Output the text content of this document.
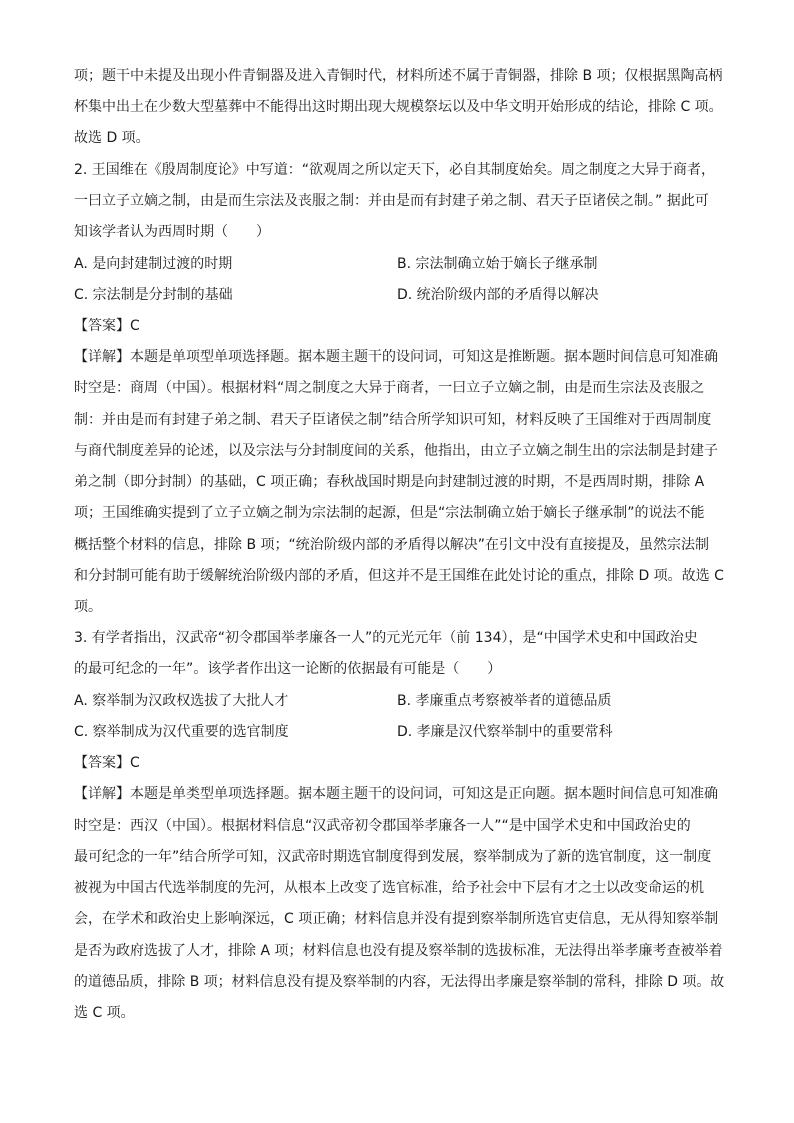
项；题干中未提及出现小件青铜器及进入青铜时代，材料所述不属于青铜器，排除 B 项；仅根据黑陶高柄
杯集中出土在少数大型墓葬中不能得出这时期出现大规模祭坛以及中华文明开始形成的结论，排除 C 项。
故选 D 项。
2. 王国维在《殷周制度论》中写道：“欲观周之所以定天下，必自其制度始矣。周之制度之大异于商者，
一曰立子立嫡之制，由是而生宗法及丧服之制：并由是而有封建子弟之制、君天子臣诸侯之制。” 据此可
知该学者认为西周时期（　　）
A. 是向封建制过渡的时期	B. 宗法制确立始于嫡长子继承制
C. 宗法制是分封制的基础	D. 统治阶级内部的矛盾得以解决
【答案】C
【详解】本题是单项型单项选择题。据本题主题干的设问词，可知这是推断题。据本题时间信息可知准确
时空是：商周（中国）。根据材料“周之制度之大异于商者，一曰立子立嫡之制，由是而生宗法及丧服之
制：并由是而有封建子弟之制、君天子臣诸侯之制”结合所学知识可知，材料反映了王国维对于西周制度
与商代制度差异的论述，以及宗法与分封制度间的关系，他指出，由立子立嫡之制生出的宗法制是封建子
弟之制（即分封制）的基础，C 项正确；春秋战国时期是向封建制过渡的时期，不是西周时期，排除 A
项；王国维确实提到了立子立嫡之制为宗法制的起源，但是“宗法制确立始于嫡长子继承制”的说法不能
概括整个材料的信息，排除 B 项；“统治阶级内部的矛盾得以解决”在引文中没有直接提及，虽然宗法制
和分封制可能有助于缓解统治阶级内部的矛盾，但这并不是王国维在此处讨论的重点，排除 D 项。故选 C
项。
3. 有学者指出，汉武帝“初令郡国举孝廉各一人”的元光元年（前 134），是“中国学术史和中国政治史
的最可纪念的一年”。该学者作出这一论断的依据最有可能是（　　）
A. 察举制为汉政权选拔了大批人才	B. 孝廉重点考察被举者的道德品质
C. 察举制成为汉代重要的选官制度	D. 孝廉是汉代察举制中的重要常科
【答案】C
【详解】本题是单类型单项选择题。据本题主题干的设问词，可知这是正向题。据本题时间信息可知准确
时空是：西汉（中国）。根据材料信息“汉武帝初令郡国举孝廉各一人”“是中国学术史和中国政治史的
最可纪念的一年”结合所学可知，汉武帝时期选官制度得到发展，察举制成为了新的选官制度，这一制度
被视为中国古代选举制度的先河，从根本上改变了选官标准，给予社会中下层有才之士以改变命运的机
会，在学术和政治史上影响深远，C 项正确；材料信息并没有提到察举制所选官吏信息，无从得知察举制
是否为政府选拔了人才，排除 A 项；材料信息也没有提及察举制的选拔标准，无法得出举孝廉考查被举着
的道德品质，排除 B 项；材料信息没有提及察举制的内容，无法得出孝廉是察举制的常科，排除 D 项。故
选 C 项。
